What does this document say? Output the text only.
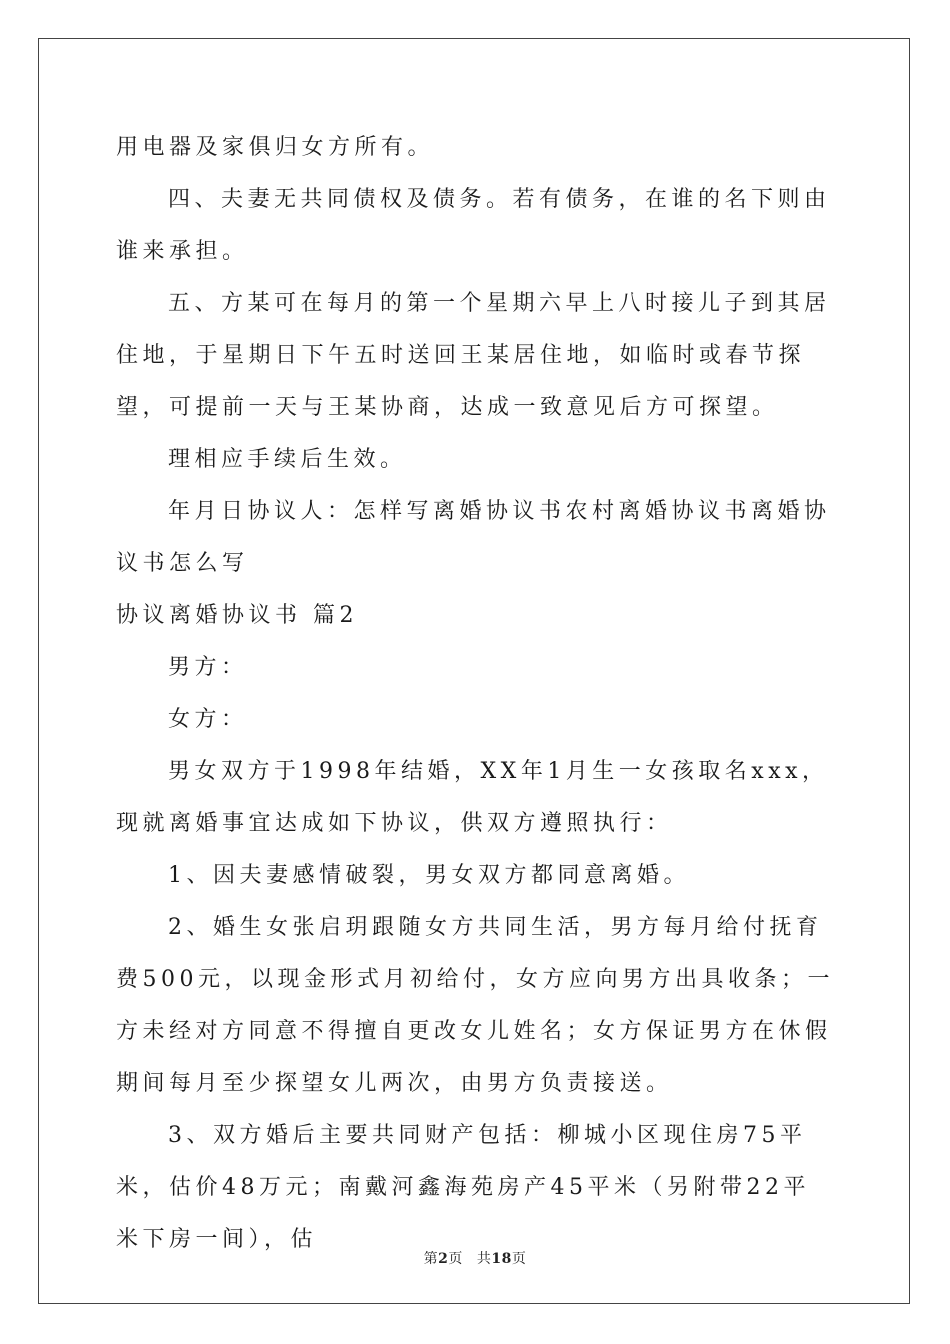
用电器及家俱归女方所有。

四、夫妻无共同债权及债务。若有债务，在谁的名下则由谁来承担。

五、方某可在每月的第一个星期六早上八时接儿子到其居住地，于星期日下午五时送回王某居住地，如临时或春节探望，可提前一天与王某协商，达成一致意见后方可探望。

理相应手续后生效。

年月日协议人：怎样写离婚协议书农村离婚协议书离婚协议书怎么写

协议离婚协议书 篇2

男方：

女方：

男女双方于1998年结婚，XX年1月生一女孩取名xxx，现就离婚事宜达成如下协议，供双方遵照执行：

1、因夫妻感情破裂，男女双方都同意离婚。

2、婚生女张启玥跟随女方共同生活，男方每月给付抚育费500元，以现金形式月初给付，女方应向男方出具收条；一方未经对方同意不得擅自更改女儿姓名；女方保证男方在休假期间每月至少探望女儿两次，由男方负责接送。

3、双方婚后主要共同财产包括：柳城小区现住房75平米，估价48万元；南戴河鑫海苑房产45平米（另附带22平米下房一间），估

第2页 共18页
